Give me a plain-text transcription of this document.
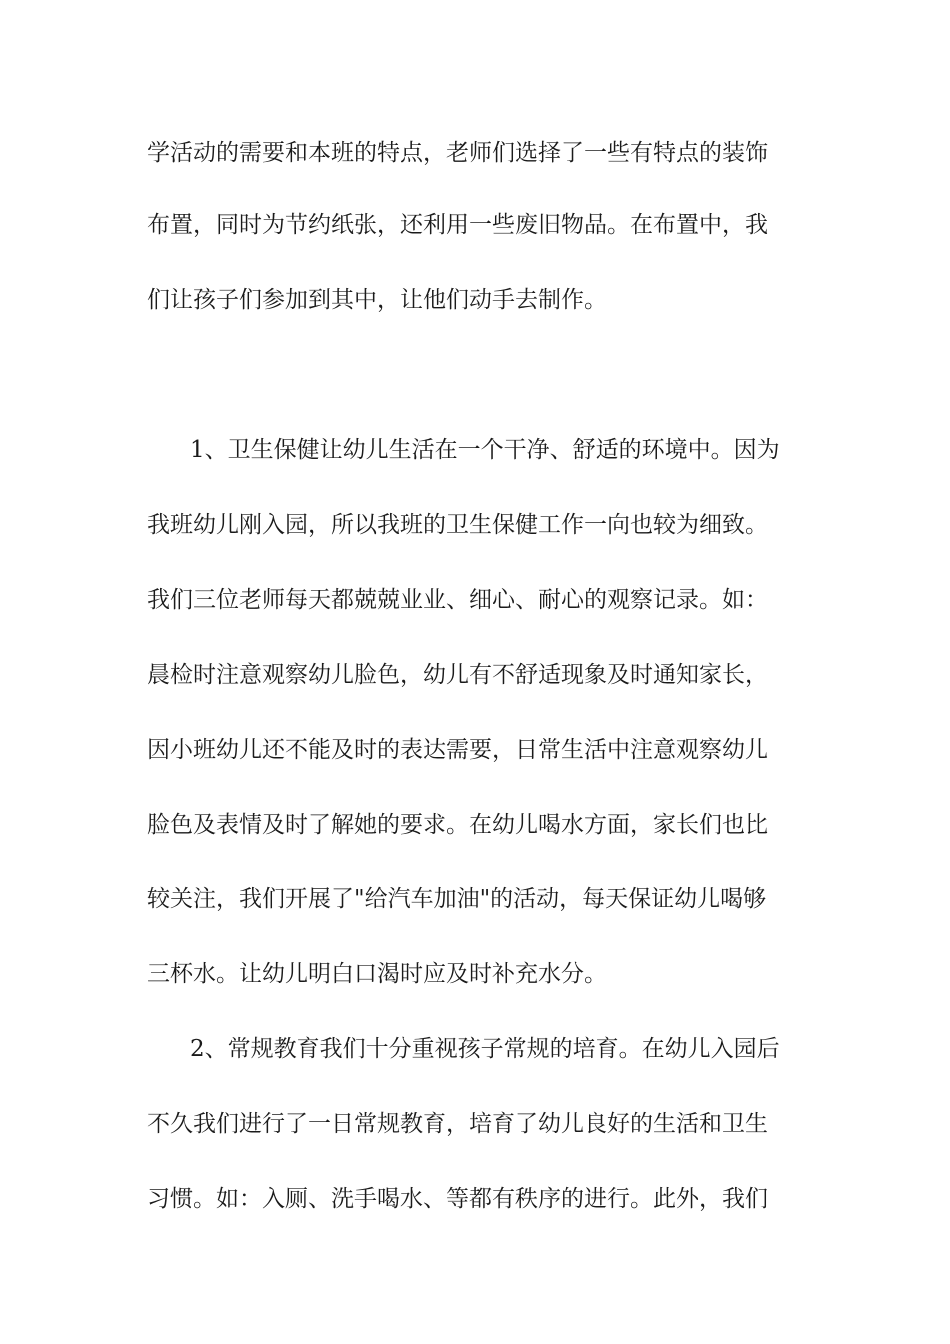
学活动的需要和本班的特点，老师们选择了一些有特点的装饰
布置，同时为节约纸张，还利用一些废旧物品。在布置中，我
们让孩子们参加到其中，让他们动手去制作。
1、卫生保健让幼儿生活在一个干净、舒适的环境中。因为
我班幼儿刚入园，所以我班的卫生保健工作一向也较为细致。
我们三位老师每天都兢兢业业、细心、耐心的观察记录。如：
晨检时注意观察幼儿脸色，幼儿有不舒适现象及时通知家长，
因小班幼儿还不能及时的表达需要，日常生活中注意观察幼儿
脸色及表情及时了解她的要求。在幼儿喝水方面，家长们也比
较关注，我们开展了"给汽车加油"的活动，每天保证幼儿喝够
三杯水。让幼儿明白口渴时应及时补充水分。
2、常规教育我们十分重视孩子常规的培育。在幼儿入园后
不久我们进行了一日常规教育，培育了幼儿良好的生活和卫生
习惯。如：入厕、洗手喝水、等都有秩序的进行。此外，我们
